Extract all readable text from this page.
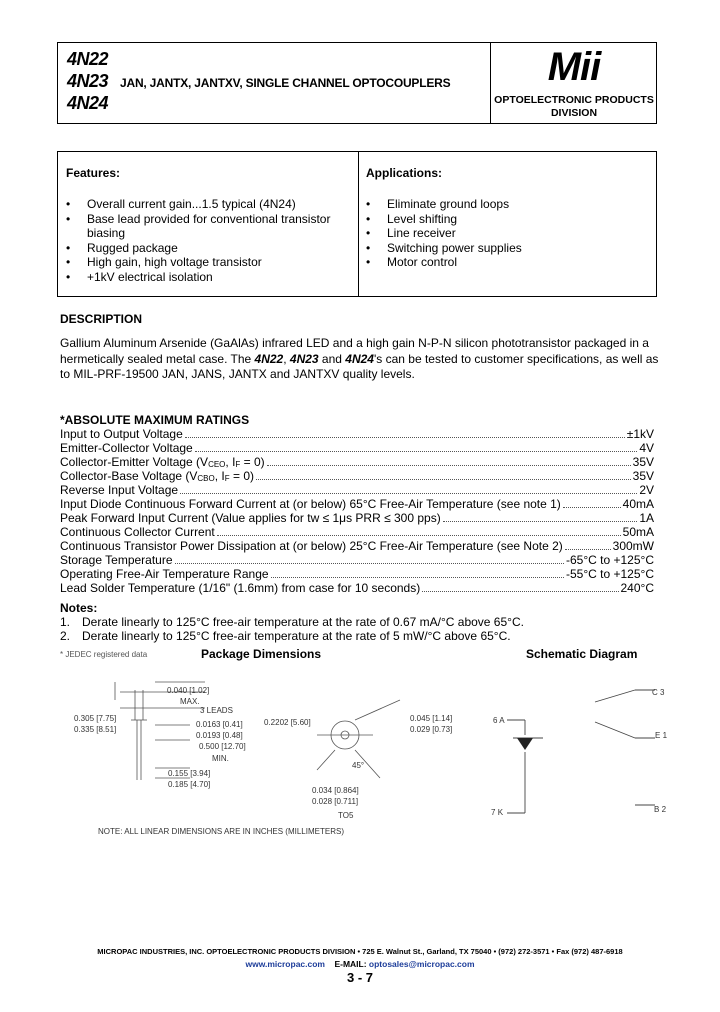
4N22
4N23
4N24
JAN, JANTX, JANTXV, SINGLE CHANNEL OPTOCOUPLERS	Mii
OPTOELECTRONIC PRODUCTS
DIVISION
Features:
• Overall current gain...1.5 typical (4N24)
• Base lead provided for conventional transistor biasing
• Rugged package
• High gain, high voltage transistor
• +1kV electrical isolation
Applications:
• Eliminate ground loops
• Level shifting
• Line receiver
• Switching power supplies
• Motor control
DESCRIPTION
Gallium Aluminum Arsenide (GaAlAs) infrared LED and a high gain N-P-N silicon phototransistor packaged in a hermetically sealed metal case. The 4N22, 4N23 and 4N24's can be tested to customer specifications, as well as to MIL-PRF-19500 JAN, JANS, JANTX and JANTXV quality levels.
*ABSOLUTE MAXIMUM RATINGS
Input to Output Voltage	±1kV
Emitter-Collector Voltage	4V
Collector-Emitter Voltage ($V_{CEO}$, $I_F = 0$)	35V
Collector-Base Voltage ($V_{CBO}$, $I_F = 0$)	35V
Reverse Input Voltage	2V
Input Diode Continuous Forward Current at (or below) 65°C Free-Air Temperature (see note 1)	40mA
Peak Forward Input Current (Value applies for tw ≤ 1μs PRR ≤ 300 pps)	1A
Continuous Collector Current	50mA
Continuous Transistor Power Dissipation at (or below) 25°C Free-Air Temperature (see Note 2)	300mW
Storage Temperature	-65°C to +125°C
Operating Free-Air Temperature Range	-55°C to +125°C
Lead Solder Temperature (1/16" (1.6mm) from case for 10 seconds)	240°C
Notes:
1. Derate linearly to 125°C free-air temperature at the rate of 0.67 mA/°C above 65°C.
2. Derate linearly to 125°C free-air temperature at the rate of 5 mW/°C above 65°C.
* JEDEC registered data	Package Dimensions	Schematic Diagram
0.040 [1.02]
MAX.
3 LEADS
0.305 [7.75]
0.335 [8.51]
0.0163 [0.41]
0.0193 [0.48]
0.500 [12.70]
MIN.
0.155 [3.94]
0.185 [4.70]
0.2202 [5.60]
45°
0.045 [1.14]
0.029 [0.73]
0.034 [0.864]
0.028 [0.711]
TO5
NOTE: ALL LINEAR DIMENSIONS ARE IN INCHES (MILLIMETERS)
C 3
6 A
E 1
7 K	B 2
MICROPAC INDUSTRIES, INC. OPTOELECTRONIC PRODUCTS DIVISION • 725 E. Walnut St., Garland, TX 75040 • (972) 272-3571 • Fax (972) 487-6918
www.micropac.com E-MAIL: optosales@micropac.com
3 - 7
